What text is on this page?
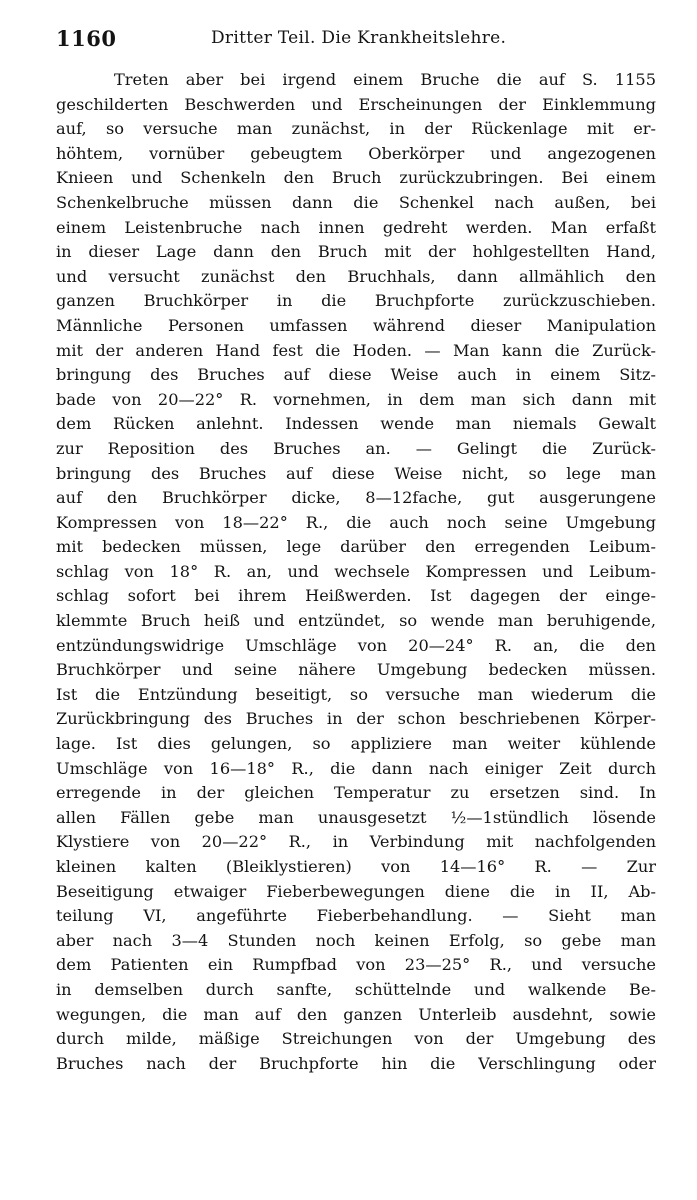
1160	Dritter Teil. Die Krankheitslehre.
Treten aber bei irgend einem Bruche die auf S. 1155
geschilderten Beschwerden und Erscheinungen der Einklemmung
auf, so versuche man zunächst, in der Rückenlage mit er-
höhtem, vornüber gebeugtem Oberkörper und angezogenen
Knieen und Schenkeln den Bruch zurückzubringen. Bei einem
Schenkelbruche müssen dann die Schenkel nach außen, bei
einem Leistenbruche nach innen gedreht werden. Man erfaßt
in dieser Lage dann den Bruch mit der hohlgestellten Hand,
und versucht zunächst den Bruchhals, dann allmählich den
ganzen Bruchkörper in die Bruchpforte zurückzuschieben.
Männliche Personen umfassen während dieser Manipulation
mit der anderen Hand fest die Hoden. — Man kann die Zurück-
bringung des Bruches auf diese Weise auch in einem Sitz-
bade von 20—22° R. vornehmen, in dem man sich dann mit
dem Rücken anlehnt. Indessen wende man niemals Gewalt
zur Reposition des Bruches an. — Gelingt die Zurück-
bringung des Bruches auf diese Weise nicht, so lege man
auf den Bruchkörper dicke, 8—12fache, gut ausgerungene
Kompressen von 18—22° R., die auch noch seine Umgebung
mit bedecken müssen, lege darüber den erregenden Leibum-
schlag von 18° R. an, und wechsele Kompressen und Leibum-
schlag sofort bei ihrem Heißwerden. Ist dagegen der einge-
klemmte Bruch heiß und entzündet, so wende man beruhigende,
entzündungswidrige Umschläge von 20—24° R. an, die den
Bruchkörper und seine nähere Umgebung bedecken müssen.
Ist die Entzündung beseitigt, so versuche man wiederum die
Zurückbringung des Bruches in der schon beschriebenen Körper-
lage. Ist dies gelungen, so appliziere man weiter kühlende
Umschläge von 16—18° R., die dann nach einiger Zeit durch
erregende in der gleichen Temperatur zu ersetzen sind. In
allen Fällen gebe man unausgesetzt ½—1stündlich lösende
Klystiere von 20—22° R., in Verbindung mit nachfolgenden
kleinen kalten (Bleiklystieren) von 14—16° R. — Zur
Beseitigung etwaiger Fieberbewegungen diene die in II, Ab-
teilung VI, angeführte Fieberbehandlung. — Sieht man
aber nach 3—4 Stunden noch keinen Erfolg, so gebe man
dem Patienten ein Rumpfbad von 23—25° R., und versuche
in demselben durch sanfte, schüttelnde und walkende Be-
wegungen, die man auf den ganzen Unterleib ausdehnt, sowie
durch milde, mäßige Streichungen von der Umgebung des
Bruches nach der Bruchpforte hin die Verschlingung oder
